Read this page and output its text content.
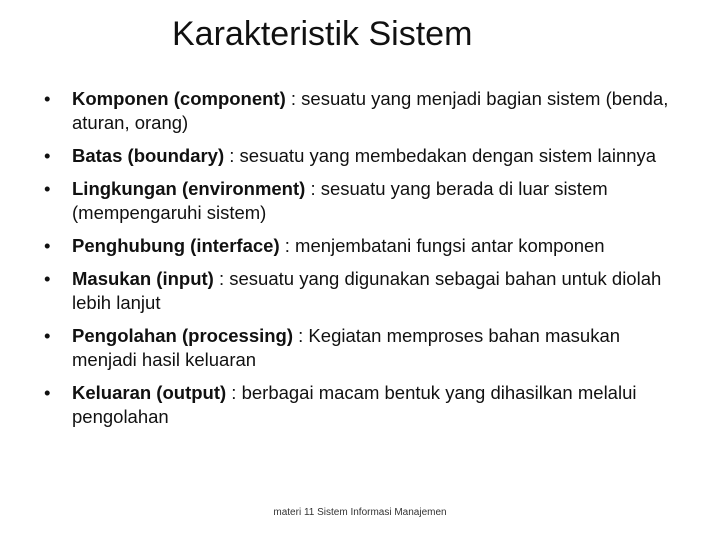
Karakteristik Sistem
•	Komponen (component) : sesuatu yang menjadi bagian sistem (benda, aturan, orang)
•	Batas (boundary) : sesuatu yang membedakan dengan sistem lainnya
•	Lingkungan (environment) : sesuatu yang berada di luar sistem (mempengaruhi sistem)
•	Penghubung (interface) : menjembatani fungsi antar komponen
•	Masukan (input) : sesuatu yang digunakan sebagai bahan untuk diolah lebih lanjut
•	Pengolahan (processing) : Kegiatan memproses bahan masukan menjadi hasil keluaran
•	Keluaran (output) : berbagai macam bentuk yang dihasilkan melalui pengolahan
materi 11 Sistem Informasi Manajemen
